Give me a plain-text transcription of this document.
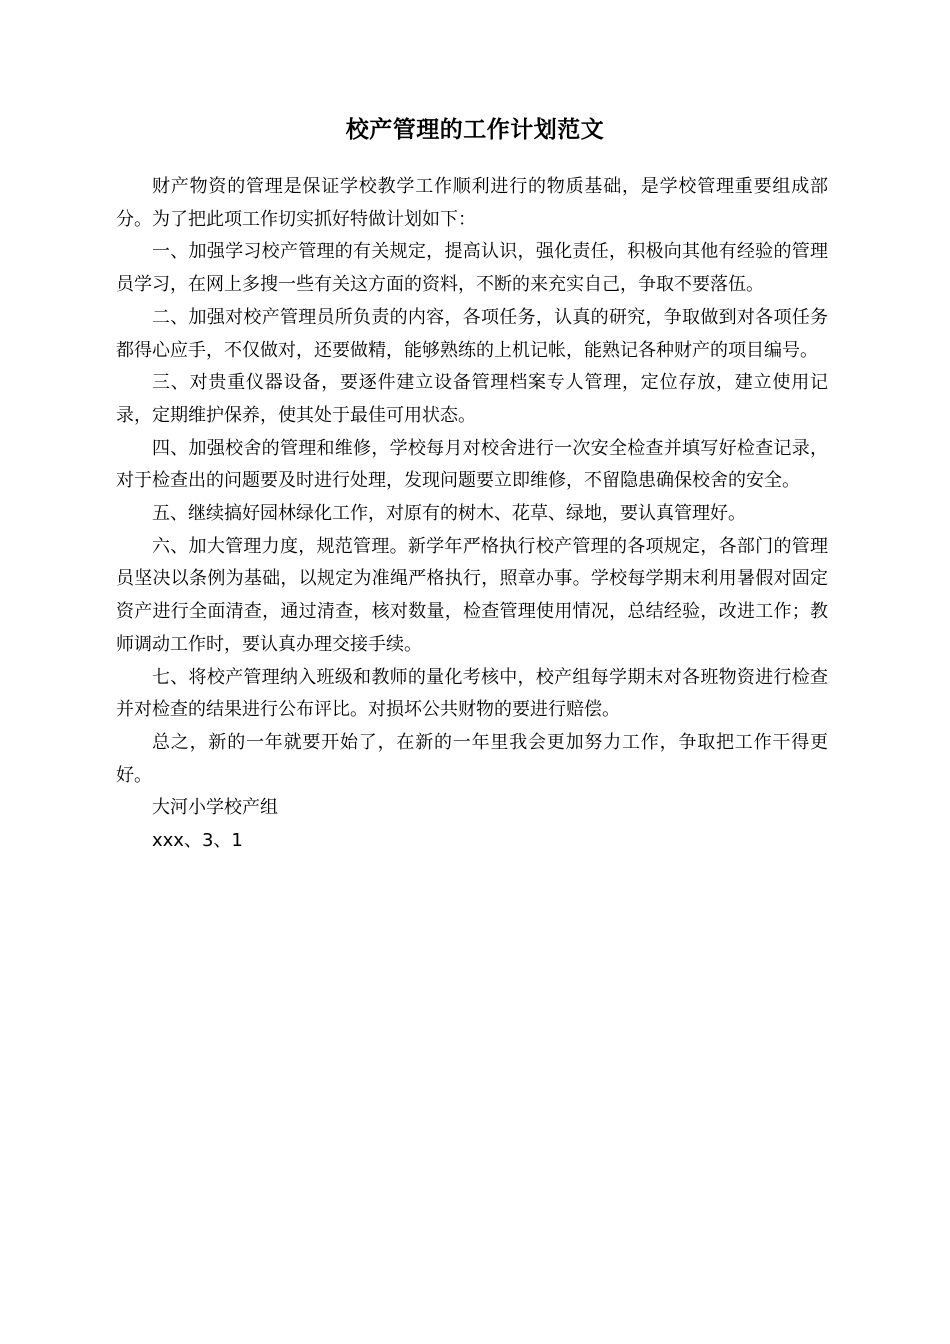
校产管理的工作计划范文

财产物资的管理是保证学校教学工作顺利进行的物质基础，是学校管理重要组成部分。为了把此项工作切实抓好特做计划如下：

一、加强学习校产管理的有关规定，提高认识，强化责任，积极向其他有经验的管理员学习，在网上多搜一些有关这方面的资料，不断的来充实自己，争取不要落伍。

二、加强对校产管理员所负责的内容，各项任务，认真的研究，争取做到对各项任务都得心应手，不仅做对，还要做精，能够熟练的上机记帐，能熟记各种财产的项目编号。

三、对贵重仪器设备，要逐件建立设备管理档案专人管理，定位存放，建立使用记录，定期维护保养，使其处于最佳可用状态。

四、加强校舍的管理和维修，学校每月对校舍进行一次安全检查并填写好检查记录，对于检查出的问题要及时进行处理，发现问题要立即维修，不留隐患确保校舍的安全。

五、继续搞好园林绿化工作，对原有的树木、花草、绿地，要认真管理好。

六、加大管理力度，规范管理。新学年严格执行校产管理的各项规定，各部门的管理员坚决以条例为基础，以规定为准绳严格执行，照章办事。学校每学期末利用暑假对固定资产进行全面清查，通过清查，核对数量，检查管理使用情况，总结经验，改进工作；教师调动工作时，要认真办理交接手续。

七、将校产管理纳入班级和教师的量化考核中，校产组每学期末对各班物资进行检查并对检查的结果进行公布评比。对损坏公共财物的要进行赔偿。

总之，新的一年就要开始了，在新的一年里我会更加努力工作，争取把工作干得更好。

大河小学校产组

xxx、3、1
